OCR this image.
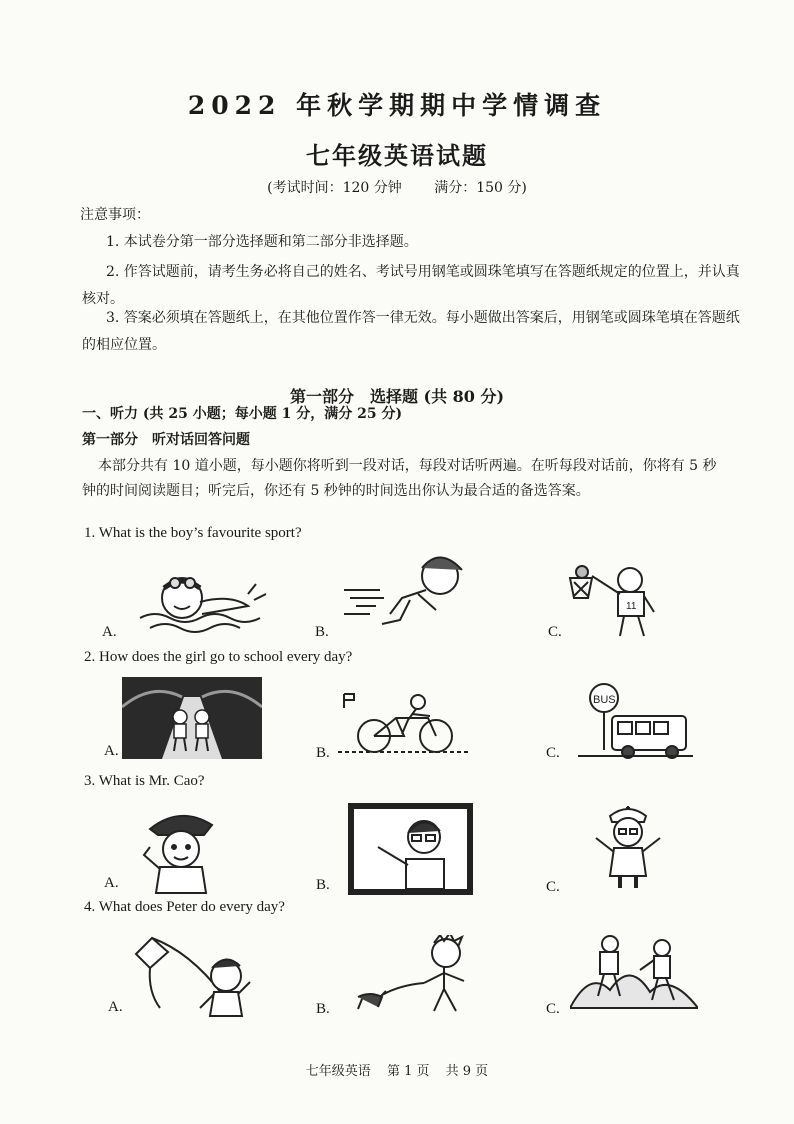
2022 年秋学期期中学情调查
七年级英语试题
(考试时间：120 分钟 满分：150 分)
注意事项：
1. 本试卷分第一部分选择题和第二部分非选择题。
2. 作答试题前，请考生务必将自己的姓名、考试号用钢笔或圆珠笔填写在答题纸规定的位置上，并认真核对。
3. 答案必须填在答题纸上，在其他位置作答一律无效。每小题做出答案后，用钢笔或圆珠笔填在答题纸的相应位置。
第一部分　选择题 (共 80 分)
一、听力 (共 25 小题；每小题 1 分，满分 25 分)
第一部分　听对话回答问题
本部分共有 10 道小题，每小题你将听到一段对话，每段对话听两遍。在听每段对话前，你将有 5 秒钟的时间阅读题目；听完后，你还有 5 秒钟的时间选出你认为最合适的备选答案。
1. What is the boy’s favourite sport?
A.	B.	C.
11
2. How does the girl go to school every day?
A.	B.	C.
BUS
3. What is Mr. Cao?
A.	B.	C.
4. What does Peter do every day?
A.	B.	C.
七年级英语 第 1 页 共 9 页
